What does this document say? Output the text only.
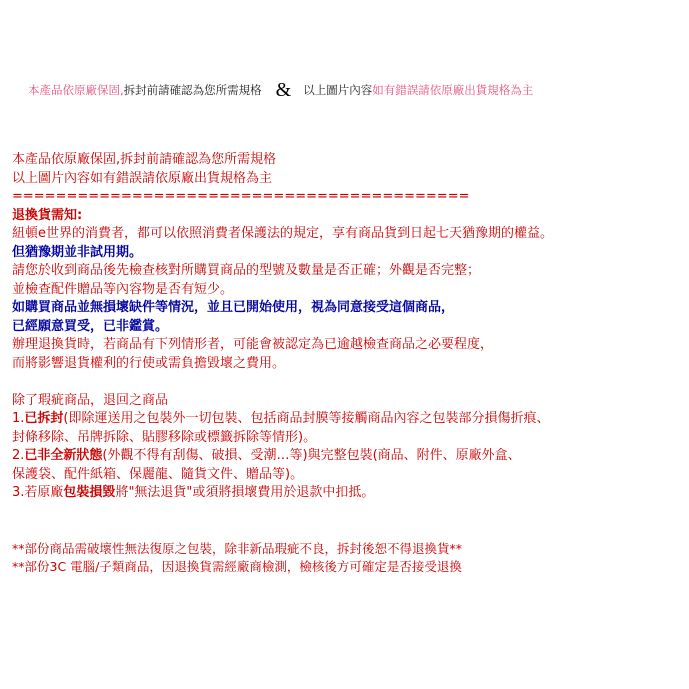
本產品依原廠保固,拆封前請確認為您所需規格 & 以上圖片內容如有錯誤請依原廠出貨規格為主
本產品依原廠保固,拆封前請確認為您所需規格
以上圖片內容如有錯誤請依原廠出貨規格為主
==========================================
退換貨需知:
紐頓e世界的消費者，都可以依照消費者保護法的規定，享有商品貨到日起七天猶豫期的權益。
但猶豫期並非試用期。
請您於收到商品後先檢查核對所購買商品的型號及數量是否正確；外觀是否完整；
並檢查配件贈品等內容物是否有短少。
如購買商品並無損壞缺件等情況，並且已開始使用，視為同意接受這個商品，
已經願意買受，已非鑑賞。
辦理退換貨時，若商品有下列情形者，可能會被認定為已逾越檢查商品之必要程度，
而將影響退貨權利的行使或需負擔毀壞之費用。
除了瑕疵商品，退回之商品
1.已拆封(即除運送用之包裝外一切包裝、包括商品封膜等接觸商品內容之包裝部分損傷折痕、
封條移除、吊牌拆除、貼膠移除或標籤拆除等情形)。
2.已非全新狀態(外觀不得有刮傷、破損、受潮…等)與完整包裝(商品、附件、原廠外盒、
保護袋、配件紙箱、保麗龍、隨貨文件、贈品等)。
3.若原廠包裝損毀將"無法退貨"或須將損壞費用於退款中扣抵。
**部份商品需破壞性無法復原之包裝，除非新品瑕疵不良，拆封後恕不得退換貨**
**部份3C 電腦/子類商品，因退換貨需經廠商檢測，檢核後方可確定是否接受退換
